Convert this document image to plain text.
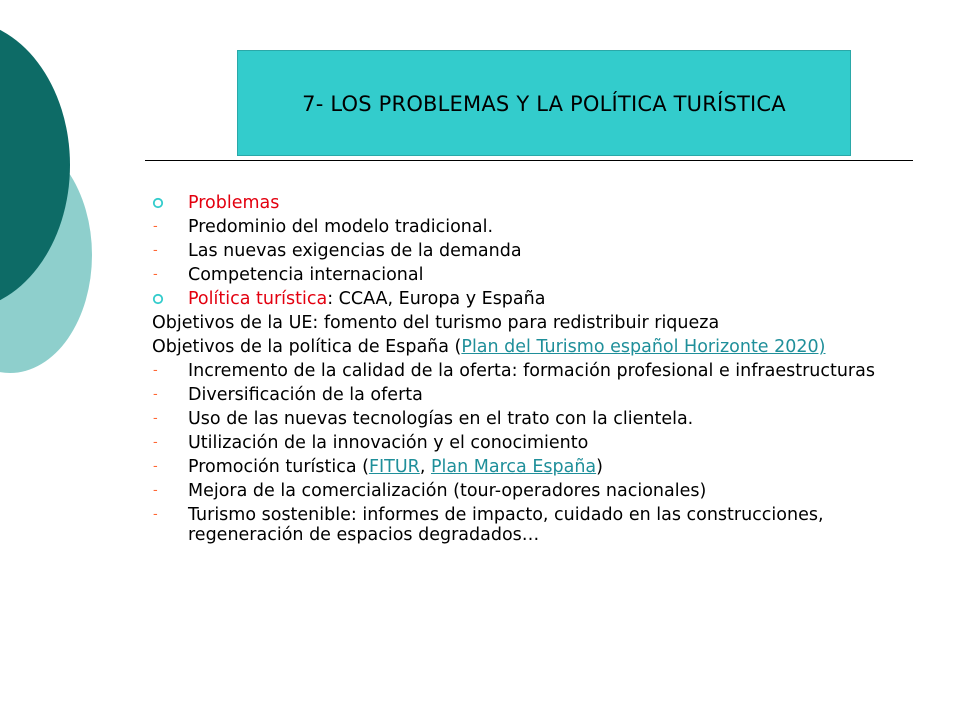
7- LOS PROBLEMAS Y LA POLÍTICA TURÍSTICA
Problemas
-	Predominio del modelo tradicional.
-	Las nuevas exigencias de la demanda
-	Competencia internacional
Política turística: CCAA, Europa y España
Objetivos de la UE: fomento del turismo para redistribuir riqueza
Objetivos de la política de España (Plan del Turismo español Horizonte 2020)
-	Incremento de la calidad de la oferta: formación profesional e infraestructuras
-	Diversificación de la oferta
-	Uso de las nuevas tecnologías en el trato con la clientela.
-	Utilización de la innovación y el conocimiento
-	Promoción turística (FITUR, Plan Marca España)
-	Mejora de la comercialización (tour-operadores nacionales)
-	Turismo sostenible: informes de impacto, cuidado en las construcciones, regeneración de espacios degradados…
